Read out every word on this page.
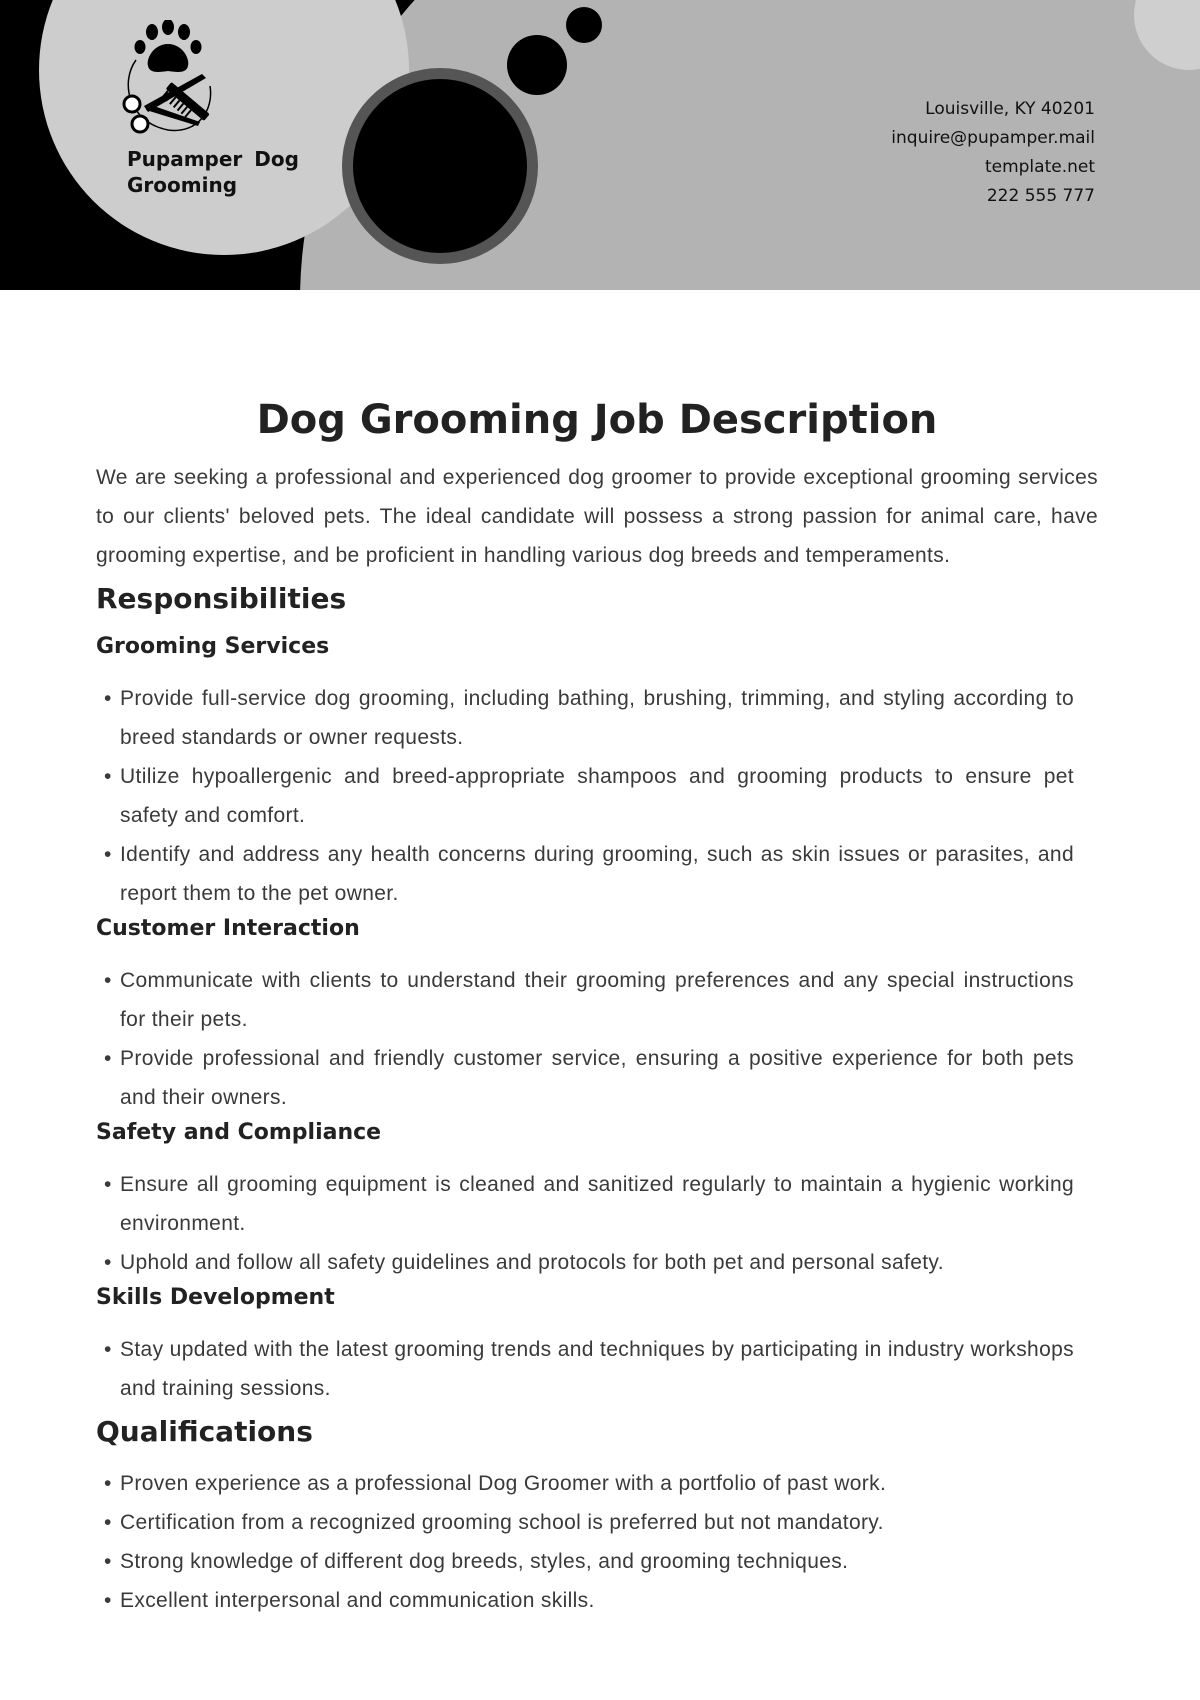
Pupamper Dog Grooming
Louisville, KY 40201
inquire@pupamper.mail
template.net
222 555 777
Dog Grooming Job Description

We are seeking a professional and experienced dog groomer to provide exceptional grooming services to our clients' beloved pets. The ideal candidate will possess a strong passion for animal care, have grooming expertise, and be proficient in handling various dog breeds and temperaments.

Responsibilities
Grooming Services
• Provide full-service dog grooming, including bathing, brushing, trimming, and styling according to breed standards or owner requests.
• Utilize hypoallergenic and breed-appropriate shampoos and grooming products to ensure pet safety and comfort.
• Identify and address any health concerns during grooming, such as skin issues or parasites, and report them to the pet owner.
Customer Interaction
• Communicate with clients to understand their grooming preferences and any special instructions for their pets.
• Provide professional and friendly customer service, ensuring a positive experience for both pets and their owners.
Safety and Compliance
• Ensure all grooming equipment is cleaned and sanitized regularly to maintain a hygienic working environment.
• Uphold and follow all safety guidelines and protocols for both pet and personal safety.
Skills Development
• Stay updated with the latest grooming trends and techniques by participating in industry workshops and training sessions.
Qualifications
• Proven experience as a professional Dog Groomer with a portfolio of past work.
• Certification from a recognized grooming school is preferred but not mandatory.
• Strong knowledge of different dog breeds, styles, and grooming techniques.
• Excellent interpersonal and communication skills.
